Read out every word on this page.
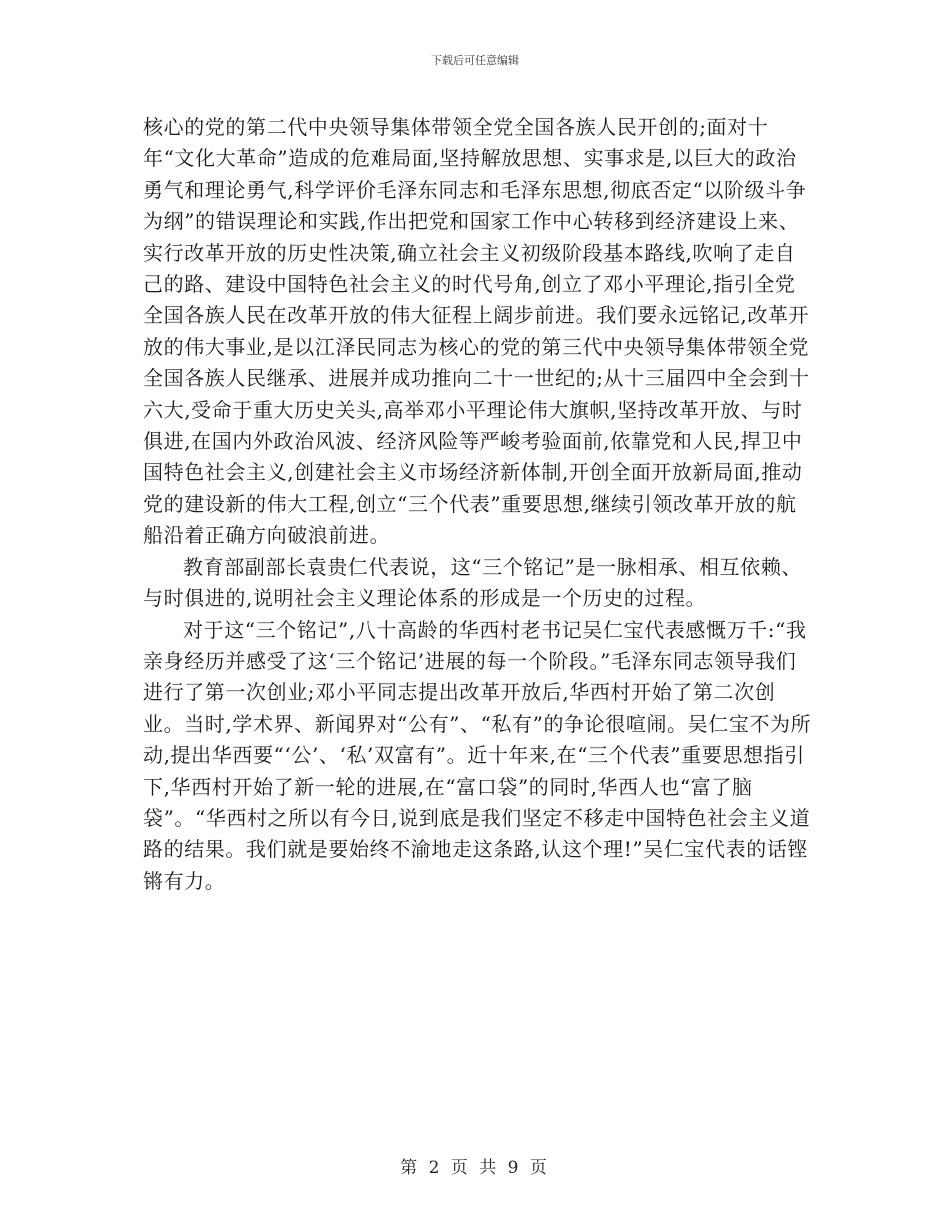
下载后可任意编辑

核心的党的第二代中央领导集体带领全党全国各族人民开创的;面对十年“文化大革命”造成的危难局面,坚持解放思想、实事求是,以巨大的政治勇气和理论勇气,科学评价毛泽东同志和毛泽东思想,彻底否定“以阶级斗争为纲”的错误理论和实践,作出把党和国家工作中心转移到经济建设上来、实行改革开放的历史性决策,确立社会主义初级阶段基本路线,吹响了走自己的路、建设中国特色社会主义的时代号角,创立了邓小平理论,指引全党全国各族人民在改革开放的伟大征程上阔步前进。我们要永远铭记,改革开放的伟大事业,是以江泽民同志为核心的党的第三代中央领导集体带领全党全国各族人民继承、进展并成功推向二十一世纪的;从十三届四中全会到十六大,受命于重大历史关头,高举邓小平理论伟大旗帜,坚持改革开放、与时俱进,在国内外政治风波、经济风险等严峻考验面前,依靠党和人民,捍卫中国特色社会主义,创建社会主义市场经济新体制,开创全面开放新局面,推动党的建设新的伟大工程,创立“三个代表”重要思想,继续引领改革开放的航船沿着正确方向破浪前进。

教育部副部长袁贵仁代表说，这“三个铭记”是一脉相承、相互依赖、与时俱进的,说明社会主义理论体系的形成是一个历史的过程。

对于这“三个铭记”,八十高龄的华西村老书记吴仁宝代表感慨万千:“我亲身经历并感受了这‘三个铭记’进展的每一个阶段。”毛泽东同志领导我们进行了第一次创业;邓小平同志提出改革开放后,华西村开始了第二次创业。当时,学术界、新闻界对“公有”、“私有”的争论很喧闹。吴仁宝不为所动,提出华西要“‘公’、‘私’双富有”。近十年来,在“三个代表”重要思想指引下,华西村开始了新一轮的进展,在“富口袋”的同时,华西人也“富了脑袋”。“华西村之所以有今日,说到底是我们坚定不移走中国特色社会主义道路的结果。我们就是要始终不渝地走这条路,认这个理!”吴仁宝代表的话铿锵有力。

第 2 页 共 9 页
